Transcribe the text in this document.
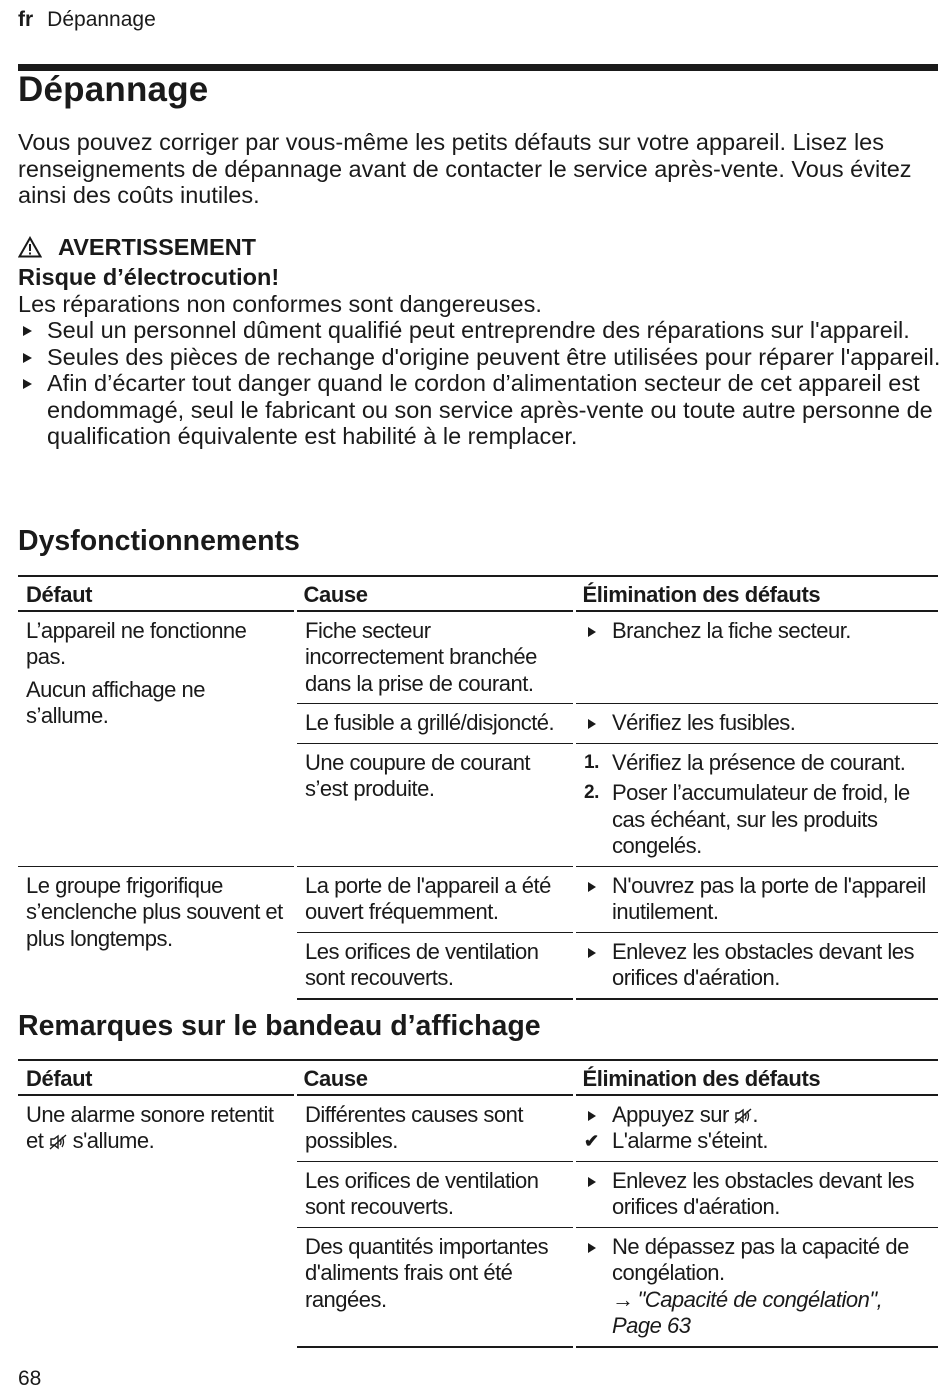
fr Dépannage
Dépannage

Vous pouvez corriger par vous-même les petits défauts sur votre appareil. Lisez les renseignements de dépannage avant de contacter le service après-vente. Vous évitez ainsi des coûts inutiles.

AVERTISSEMENT
Risque d’électrocution!
Les réparations non conformes sont dangereuses.
Seul un personnel dûment qualifié peut entreprendre des réparations sur l'appareil.
Seules des pièces de rechange d'origine peuvent être utilisées pour réparer l'appareil.
Afin d’écarter tout danger quand le cordon d’alimentation secteur de cet appareil est endommagé, seul le fabricant ou son service après-vente ou toute autre personne de qualification équivalente est habilité à le remplacer.
Dysfonctionnements
Défaut	Cause	Élimination des défauts

L’appareil ne fonctionne pas.
Aucun affichage ne s’allume.	Fiche secteur incorrectement branchée dans la prise de courant.	Branchez la fiche secteur.

	Le fusible a grillé/disjoncté.	Vérifiez les fusibles.

	Une coupure de courant s’est produite.	1. Vérifiez la présence de courant.
2. Poser l’accumulateur de froid, le cas échéant, sur les produits congelés.

Le groupe frigorifique s’enclenche plus souvent et plus longtemps.	La porte de l'appareil a été ouvert fréquemment.	N'ouvrez pas la porte de l'appareil inutilement.

	Les orifices de ventilation sont recouverts.	Enlevez les obstacles devant les orifices d'aération.
Remarques sur le bandeau d’affichage
Défaut	Cause	Élimination des défauts
Une alarme sonore retentit et s'allume.	Différentes causes sont possibles.	Appuyez sur .
✔ L'alarme s'éteint.

	Les orifices de ventilation sont recouverts.	Enlevez les obstacles devant les orifices d'aération.

	Des quantités importantes d'aliments frais ont été rangées.	Ne dépassez pas la capacité de congélation.
→ "Capacité de congélation", Page 63
68
